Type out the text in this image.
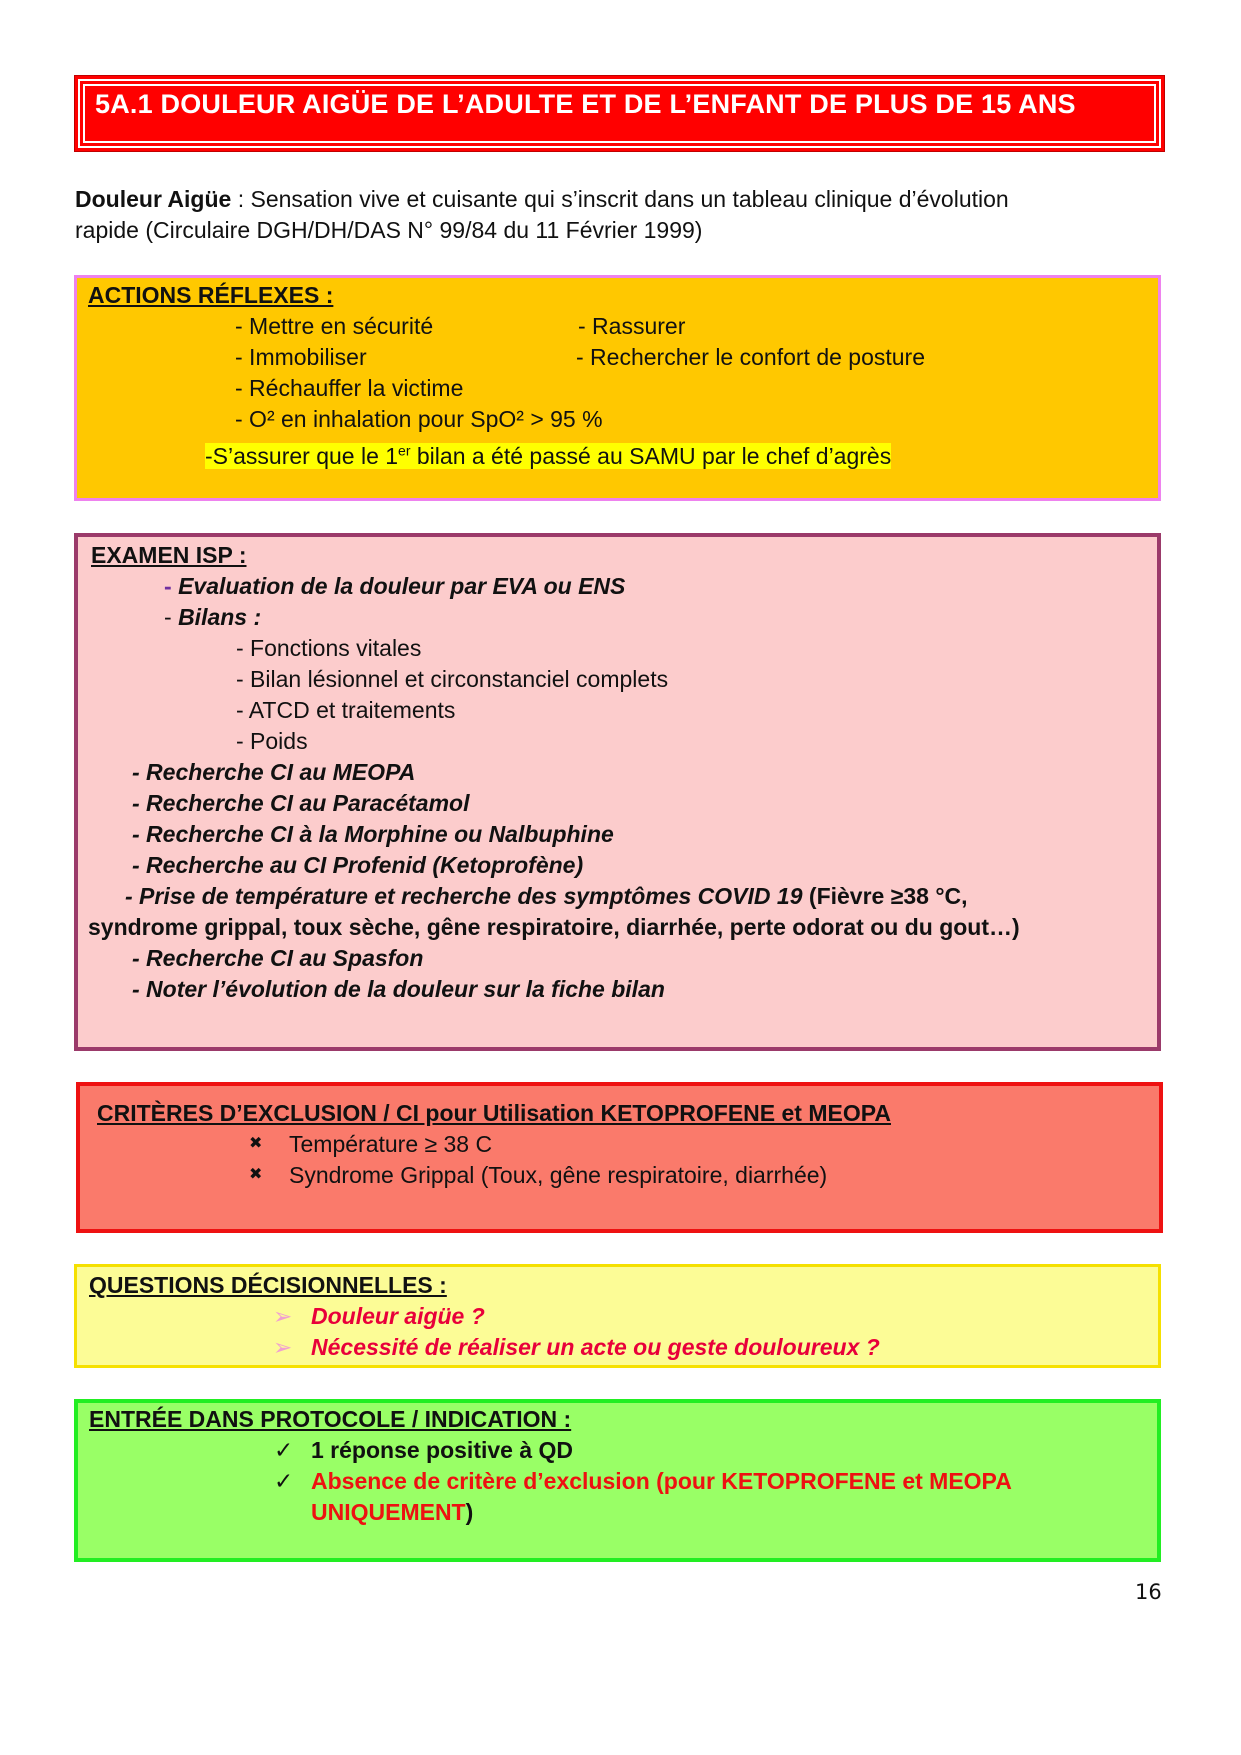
5A.1 DOULEUR AIGÜE DE L’ADULTE ET DE L’ENFANT DE PLUS DE 15 ANS
Douleur Aigüe : Sensation vive et cuisante qui s’inscrit dans un tableau clinique d’évolution
rapide (Circulaire DGH/DH/DAS N° 99/84 du 11 Février 1999)
ACTIONS RÉFLEXES :
- Mettre en sécurité	- Rassurer
- Immobiliser	- Rechercher le confort de posture
- Réchauffer la victime
- O² en inhalation pour SpO² > 95 %
-S’assurer que le 1er bilan a été passé au SAMU par le chef d’agrès
EXAMEN ISP :
- Evaluation de la douleur par EVA ou ENS
- Bilans :
- Fonctions vitales
- Bilan lésionnel et circonstanciel complets
- ATCD et traitements
- Poids
- Recherche CI au MEOPA
- Recherche CI au Paracétamol
- Recherche CI à la Morphine ou Nalbuphine
- Recherche au CI Profenid (Ketoprofène)
- Prise de température et recherche des symptômes COVID 19 (Fièvre ≥38 °C,
syndrome grippal, toux sèche, gêne respiratoire, diarrhée, perte odorat ou du gout…)
- Recherche CI au Spasfon
- Noter l’évolution de la douleur sur la fiche bilan
CRITÈRES D’EXCLUSION / CI pour Utilisation KETOPROFENE et MEOPA
✖ Température ≥ 38 C
✖ Syndrome Grippal (Toux, gêne respiratoire, diarrhée)
QUESTIONS DÉCISIONNELLES :
➢ Douleur aigüe ?
➢ Nécessité de réaliser un acte ou geste douloureux ?
ENTRÉE DANS PROTOCOLE / INDICATION :
✓ 1 réponse positive à QD
✓ Absence de critère d’exclusion (pour KETOPROFENE et MEOPA
UNIQUEMENT)
16
